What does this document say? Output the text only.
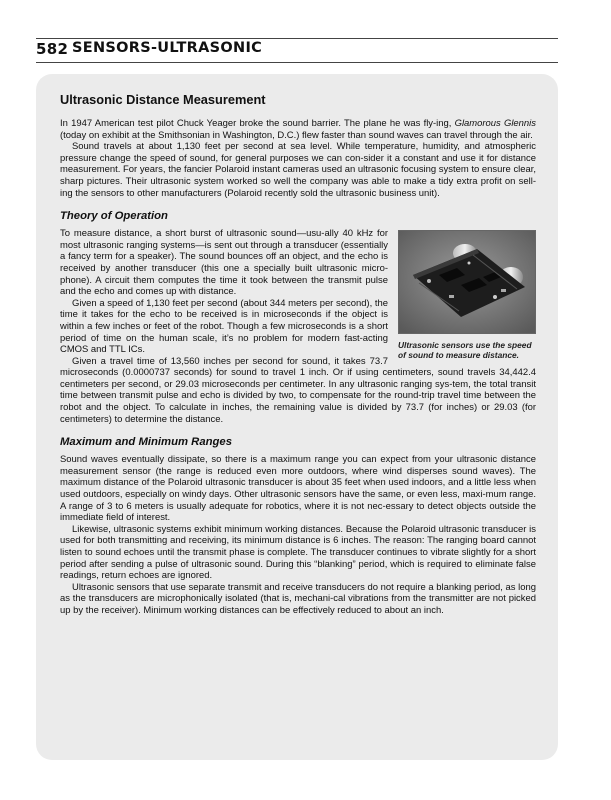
582 SENSORS-ULTRASONIC
Ultrasonic Distance Measurement

In 1947 American test pilot Chuck Yeager broke the sound barrier. The plane he was fly-ing, Glamorous Glennis (today on exhibit at the Smithsonian in Washington, D.C.) flew faster than sound waves can travel through the air.

Sound travels at about 1,130 feet per second at sea level. While temperature, humidity, and atmospheric pressure change the speed of sound, for general purposes we can con-sider it a constant and use it for distance measurement. For years, the fancier Polaroid instant cameras used an ultrasonic focusing system to ensure clear, sharp pictures. Their ultrasonic system worked so well the company was able to make a tidy extra profit on sell-ing the sensors to other manufacturers (Polaroid recently sold the ultrasonic business unit).

Theory of Operation
Ultrasonic sensors use the speed of sound to measure distance.

To measure distance, a short burst of ultrasonic sound—usu-ally 40 kHz for most ultrasonic ranging systems—is sent out through a transducer (essentially a fancy term for a speaker). The sound bounces off an object, and the echo is received by another transducer (this one a specially built ultrasonic micro-phone). A circuit them computes the time it took between the transmit pulse and the echo and comes up with distance.

Given a speed of 1,130 feet per second (about 344 meters per second), the time it takes for the echo to be received is in microseconds if the object is within a few inches or feet of the robot. Though a few microseconds is a short period of time on the human scale, it’s no problem for modern fast-acting CMOS and TTL ICs.

Given a travel time of 13,560 inches per second for sound, it takes 73.7 microseconds (0.0000737 seconds) for sound to travel 1 inch. Or if using centimeters, sound travels 34,442.4 centimeters per second, or 29.03 microseconds per centimeter. In any ultrasonic ranging sys-tem, the total transit time between transmit pulse and echo is divided by two, to compensate for the round-trip travel time between the robot and the object. To calculate in inches, the remaining value is divided by 73.7 (for inches) or 29.03 (for centimeters) to determine the distance.

Maximum and Minimum Ranges

Sound waves eventually dissipate, so there is a maximum range you can expect from your ultrasonic distance measurement sensor (the range is reduced even more outdoors, where wind disperses sound waves). The maximum distance of the Polaroid ultrasonic transducer is about 35 feet when used indoors, and a little less when used outdoors, especially on windy days. Other ultrasonic sensors have the same, or even less, maxi-mum range. A range of 3 to 6 meters is usually adequate for robotics, where it is not nec-essary to detect objects outside the immediate field of interest.

Likewise, ultrasonic systems exhibit minimum working distances. Because the Polaroid ultrasonic transducer is used for both transmitting and receiving, its minimum distance is 6 inches. The reason: The ranging board cannot listen to sound echoes until the transmit phase is complete. The transducer continues to vibrate slightly for a short period after sending a pulse of ultrasonic sound. During this “blanking” period, which is required to eliminate false readings, return echoes are ignored.

Ultrasonic sensors that use separate transmit and receive transducers do not require a blanking period, as long as the transducers are microphonically isolated (that is, mechani-cal vibrations from the transmitter are not picked up by the receiver). Minimum working distances can be effectively reduced to about an inch.
